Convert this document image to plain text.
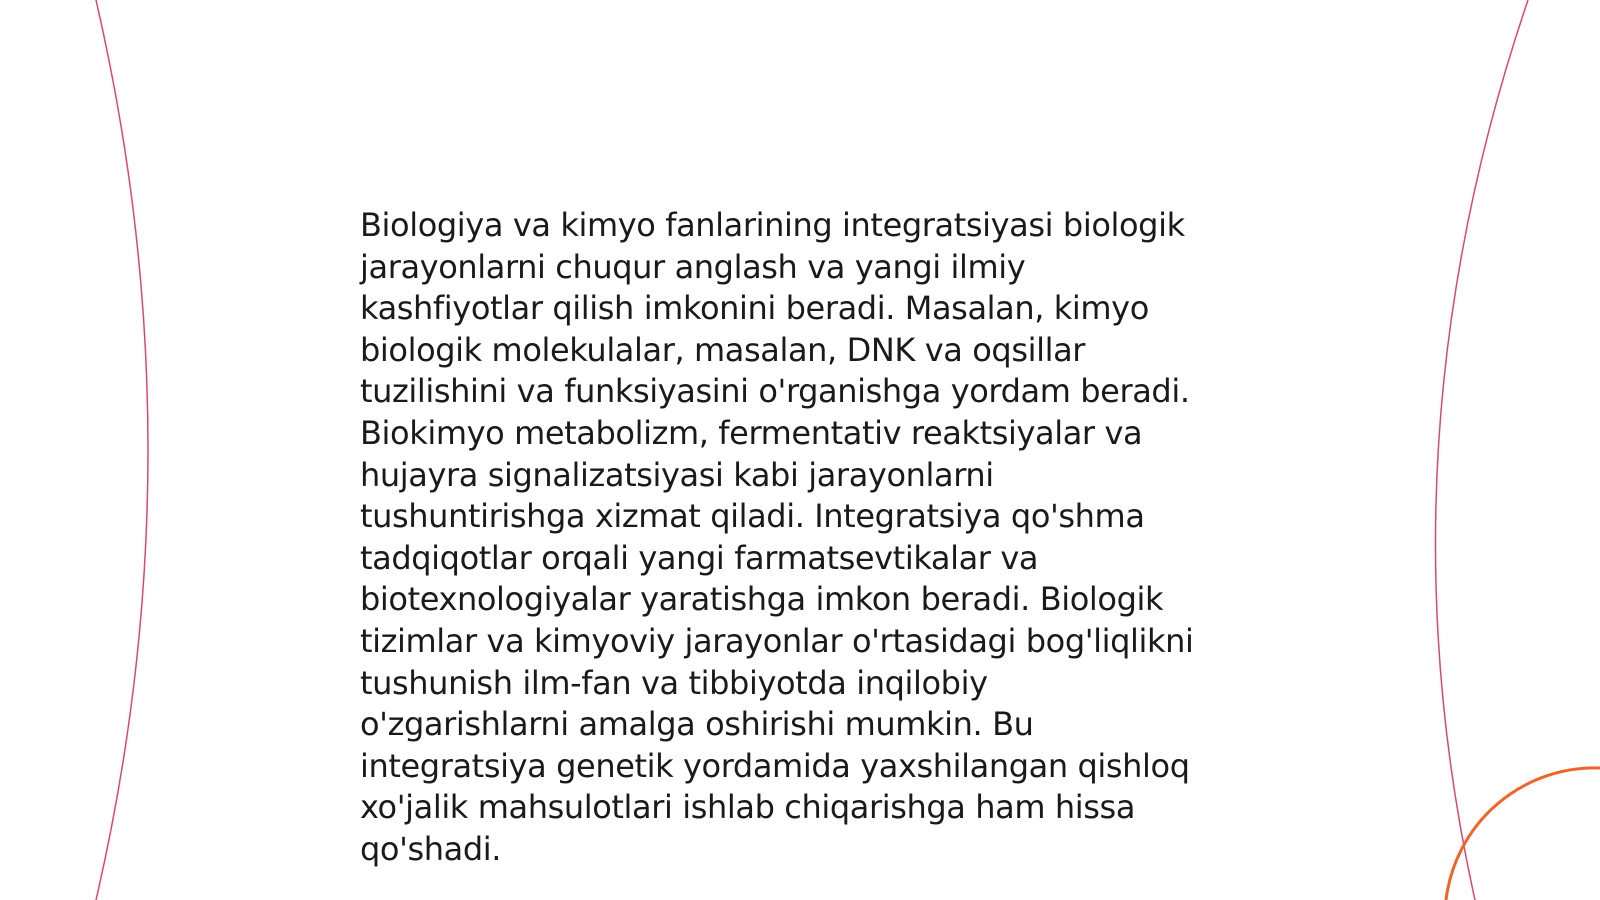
Biologiya va kimyo fanlarining integratsiyasi biologik
jarayonlarni chuqur anglash va yangi ilmiy
kashfiyotlar qilish imkonini beradi. Masalan, kimyo
biologik molekulalar, masalan, DNK va oqsillar
tuzilishini va funksiyasini o'rganishga yordam beradi.
Biokimyo metabolizm, fermentativ reaktsiyalar va
hujayra signalizatsiyasi kabi jarayonlarni
tushuntirishga xizmat qiladi. Integratsiya qo'shma
tadqiqotlar orqali yangi farmatsevtikalar va
biotexnologiyalar yaratishga imkon beradi. Biologik
tizimlar va kimyoviy jarayonlar o'rtasidagi bog'liqlikni
tushunish ilm-fan va tibbiyotda inqilobiy
o'zgarishlarni amalga oshirishi mumkin. Bu
integratsiya genetik yordamida yaxshilangan qishloq
xo'jalik mahsulotlari ishlab chiqarishga ham hissa
qo'shadi.
